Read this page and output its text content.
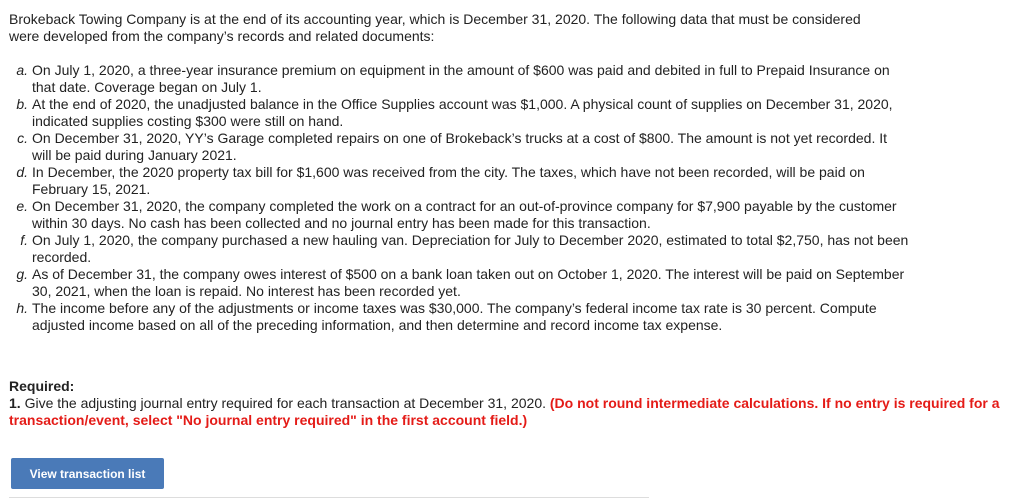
Brokeback Towing Company is at the end of its accounting year, which is December 31, 2020. The following data that must be considered were developed from the company’s records and related documents:

a. On July 1, 2020, a three-year insurance premium on equipment in the amount of $600 was paid and debited in full to Prepaid Insurance on that date. Coverage began on July 1.
b. At the end of 2020, the unadjusted balance in the Office Supplies account was $1,000. A physical count of supplies on December 31, 2020, indicated supplies costing $300 were still on hand.
c. On December 31, 2020, YY’s Garage completed repairs on one of Brokeback’s trucks at a cost of $800. The amount is not yet recorded. It will be paid during January 2021.
d. In December, the 2020 property tax bill for $1,600 was received from the city. The taxes, which have not been recorded, will be paid on February 15, 2021.
e. On December 31, 2020, the company completed the work on a contract for an out-of-province company for $7,900 payable by the customer within 30 days. No cash has been collected and no journal entry has been made for this transaction.
f. On July 1, 2020, the company purchased a new hauling van. Depreciation for July to December 2020, estimated to total $2,750, has not been recorded.
g. As of December 31, the company owes interest of $500 on a bank loan taken out on October 1, 2020. The interest will be paid on September 30, 2021, when the loan is repaid. No interest has been recorded yet.
h. The income before any of the adjustments or income taxes was $30,000. The company’s federal income tax rate is 30 percent. Compute adjusted income based on all of the preceding information, and then determine and record income tax expense.

Required:

1. Give the adjusting journal entry required for each transaction at December 31, 2020. (Do not round intermediate calculations. If no entry is required for a transaction/event, select "No journal entry required" in the first account field.)

View transaction list
